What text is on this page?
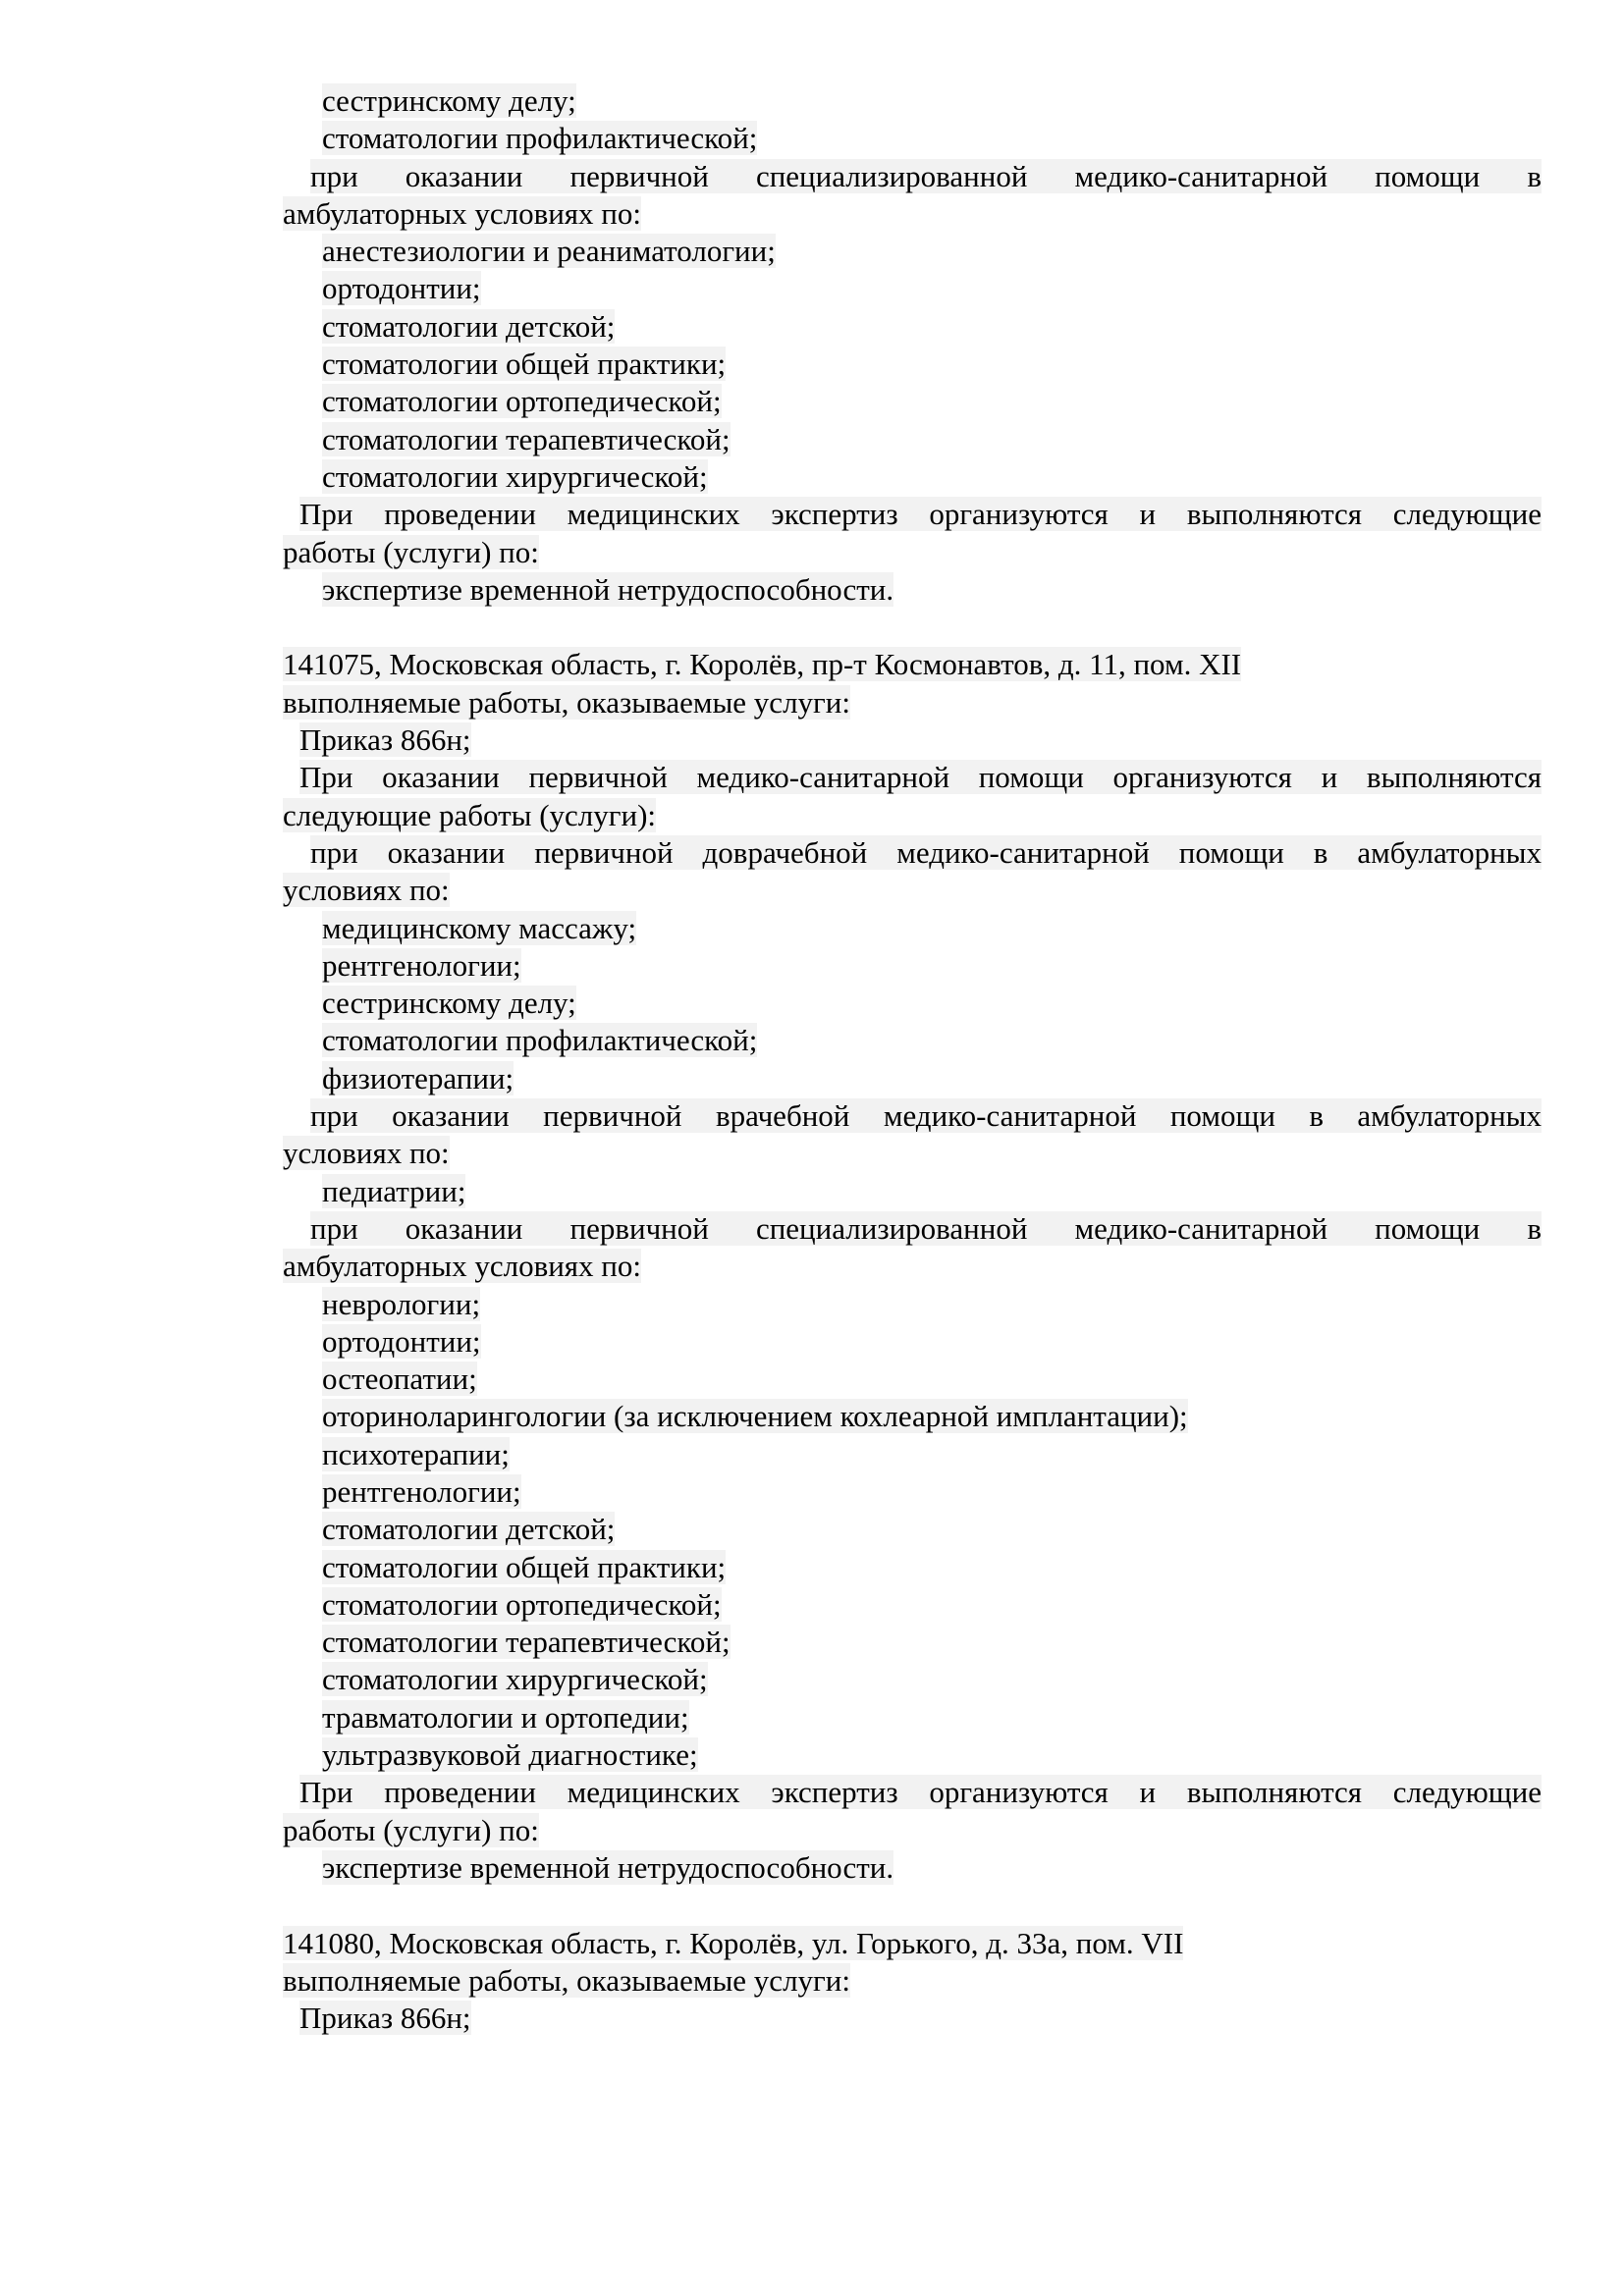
сестринскому делу;
стоматологии профилактической;
при оказании первичной специализированной медико-санитарной помощи в
амбулаторных условиях по:
анестезиологии и реаниматологии;
ортодонтии;
стоматологии детской;
стоматологии общей практики;
стоматологии ортопедической;
стоматологии терапевтической;
стоматологии хирургической;
При проведении медицинских экспертиз организуются и выполняются следующие
работы (услуги) по:
экспертизе временной нетрудоспособности.
141075, Московская область, г. Королёв, пр-т Космонавтов, д. 11, пом. XII
выполняемые работы, оказываемые услуги:
Приказ 866н;
При оказании первичной медико-санитарной помощи организуются и выполняются
следующие работы (услуги):
при оказании первичной доврачебной медико-санитарной помощи в амбулаторных
условиях по:
медицинскому массажу;
рентгенологии;
сестринскому делу;
стоматологии профилактической;
физиотерапии;
при оказании первичной врачебной медико-санитарной помощи в амбулаторных
условиях по:
педиатрии;
при оказании первичной специализированной медико-санитарной помощи в
амбулаторных условиях по:
неврологии;
ортодонтии;
остеопатии;
оториноларингологии (за исключением кохлеарной имплантации);
психотерапии;
рентгенологии;
стоматологии детской;
стоматологии общей практики;
стоматологии ортопедической;
стоматологии терапевтической;
стоматологии хирургической;
травматологии и ортопедии;
ультразвуковой диагностике;
При проведении медицинских экспертиз организуются и выполняются следующие
работы (услуги) по:
экспертизе временной нетрудоспособности.
141080, Московская область, г. Королёв, ул. Горького, д. 33а, пом. VII
выполняемые работы, оказываемые услуги:
Приказ 866н;
